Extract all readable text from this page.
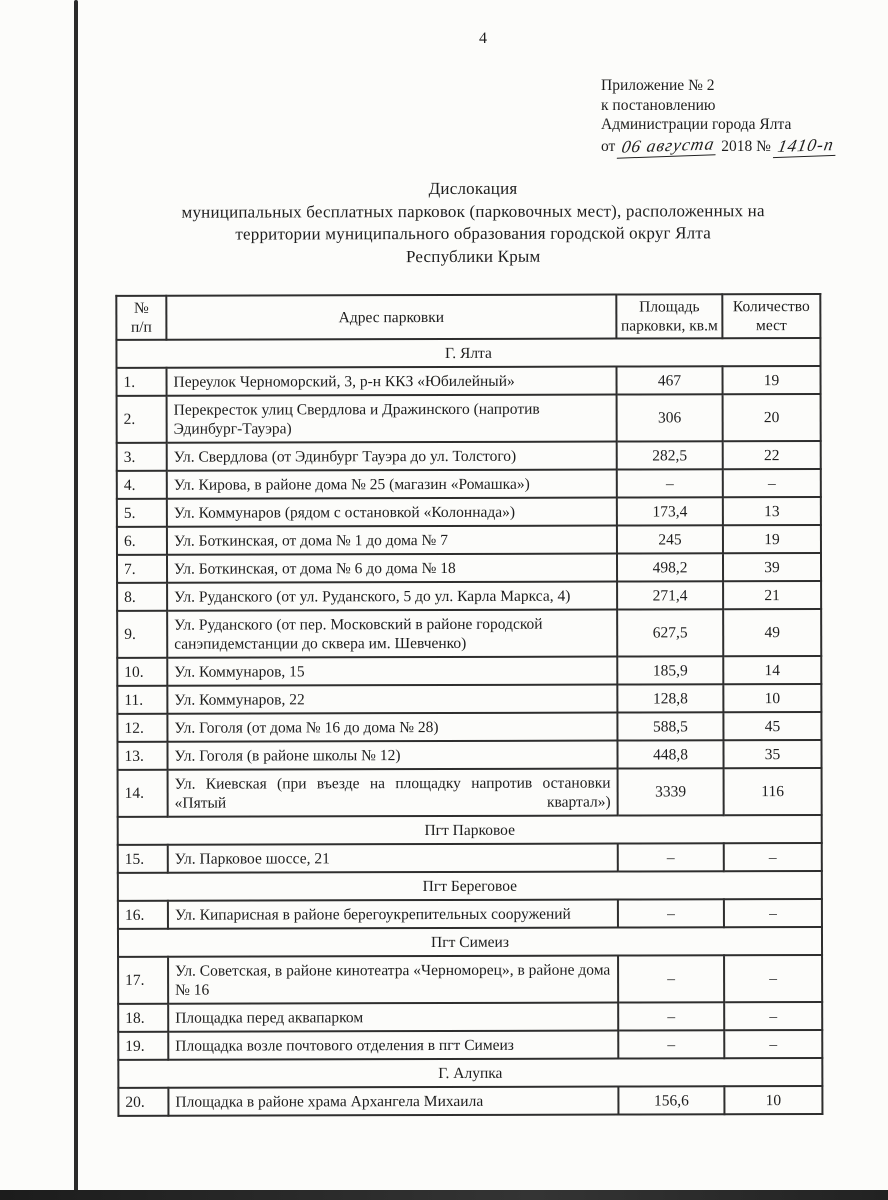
4
Приложение № 2
к постановлению
Администрации города Ялта
от 06 августа 2018 № 1410-п
Дислокация
муниципальных бесплатных парковок (парковочных мест), расположенных на
территории муниципального образования городской округ Ялта
Республики Крым
№
п/п	Адрес парковки	Площадь парковки, кв.м	Количество мест
Г. Ялта			
1.	Переулок Черноморский, 3, р-н ККЗ «Юбилейный»	467	19
2.	Перекресток улиц Свердлова и Дражинского (напротив Эдинбург-Тауэра)	306	20
3.	Ул. Свердлова (от Эдинбург Тауэра до ул. Толстого)	282,5	22
4.	Ул. Кирова, в районе дома № 25 (магазин «Ромашка»)	–	–
5.	Ул. Коммунаров (рядом с остановкой «Колоннада»)	173,4	13
6.	Ул. Боткинская, от дома № 1 до дома № 7	245	19
7.	Ул. Боткинская, от дома № 6 до дома № 18	498,2	39
8.	Ул. Руданского (от ул. Руданского, 5 до ул. Карла Маркса, 4)	271,4	21
9.	Ул. Руданского (от пер. Московский в районе городской санэпидемстанции до сквера им. Шевченко)	627,5	49
10.	Ул. Коммунаров, 15	185,9	14
11.	Ул. Коммунаров, 22	128,8	10
12.	Ул. Гоголя (от дома № 16 до дома № 28)	588,5	45
13.	Ул. Гоголя (в районе школы № 12)	448,8	35
14.	Ул. Киевская (при въезде на площадку напротив остановки «Пятый квартал»)	3339	116
Пгт Парковое			
15.	Ул. Парковое шоссе, 21	–	–
Пгт Береговое			
16.	Ул. Кипарисная в районе берегоукрепительных сооружений	–	–
Пгт Симеиз			
17.	Ул. Советская, в районе кинотеатра «Черноморец», в районе дома № 16	–	–
18.	Площадка перед аквапарком	–	–
19.	Площадка возле почтового отделения в пгт Симеиз	–	–
Г. Алупка			
20.	Площадка в районе храма Архангела Михаила	156,6	10
